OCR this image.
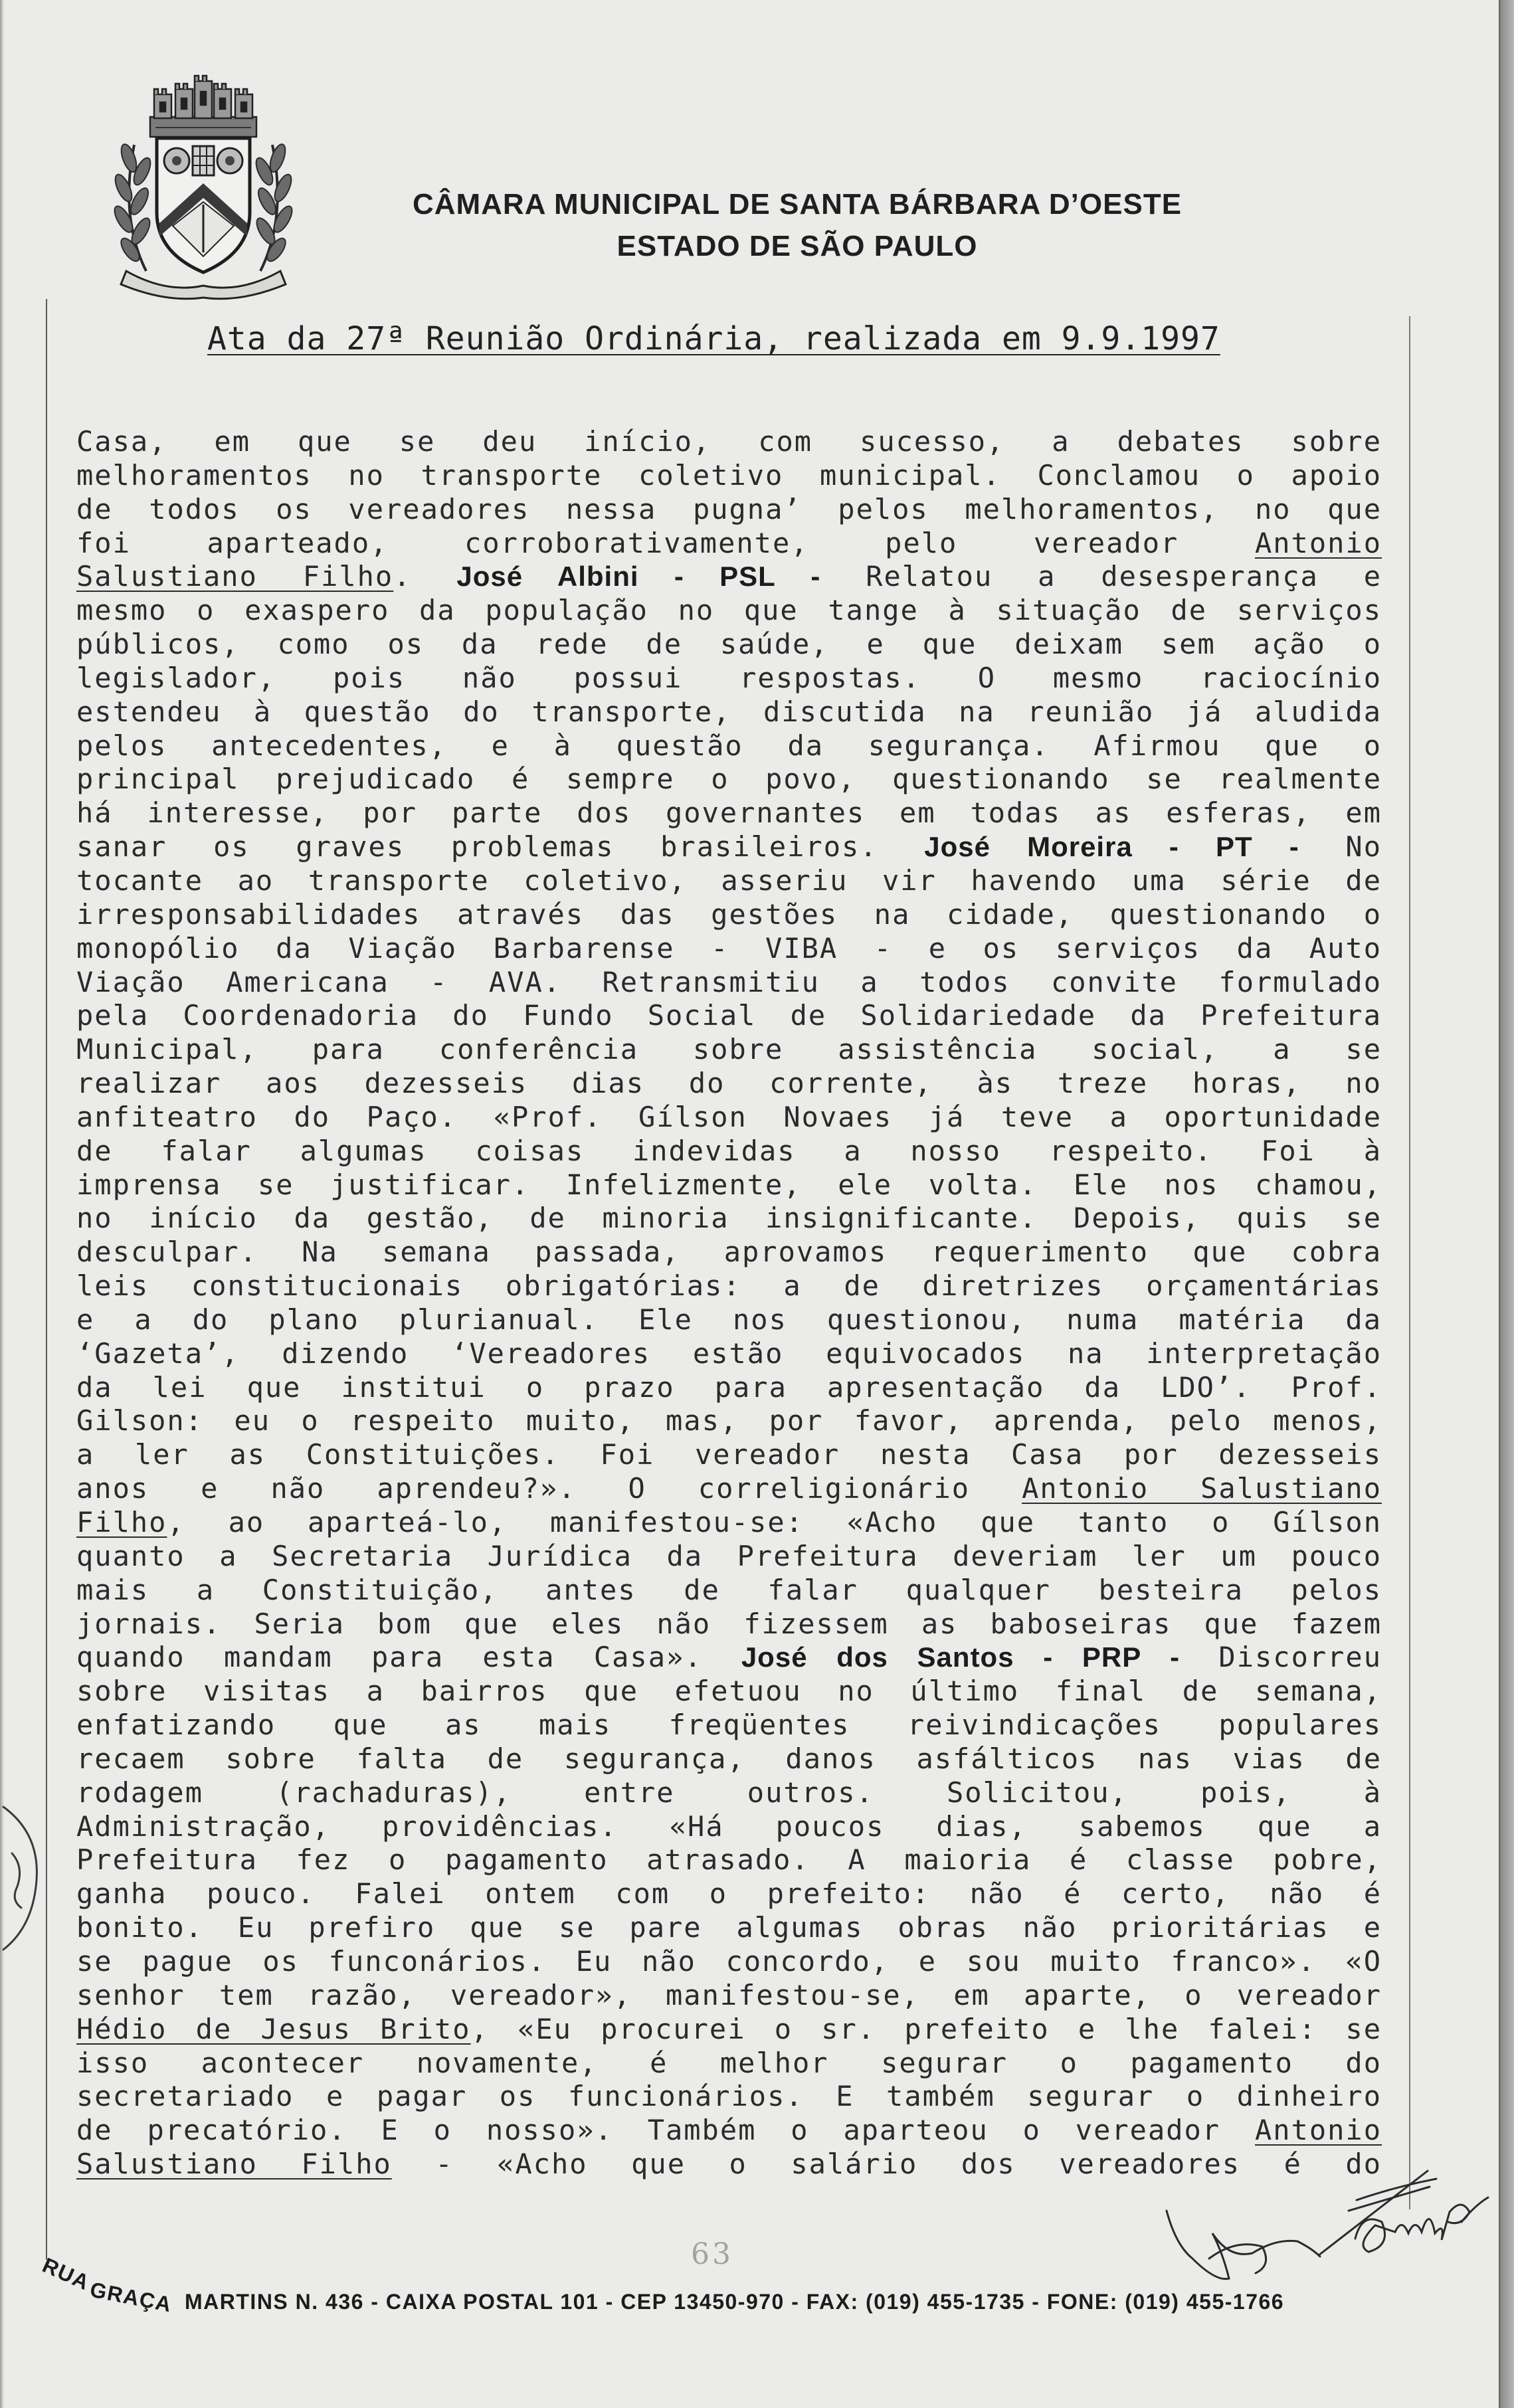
CÂMARA MUNICIPAL DE SANTA BÁRBARA D’OESTE
ESTADO DE SÃO PAULO
Ata da 27ª Reunião Ordinária, realizada em 9.9.1997
Casa, em que se deu início, com sucesso, a debates sobre
melhoramentos no transporte coletivo municipal. Conclamou o apoio
de todos os vereadores nessa pugna’ pelos melhoramentos, no que
foi aparteado, corroborativamente, pelo vereador Antonio
Salustiano Filho. José Albini - PSL - Relatou a desesperança e
mesmo o exaspero da população no que tange à situação de serviços
públicos, como os da rede de saúde, e que deixam sem ação o
legislador, pois não possui respostas. O mesmo raciocínio
estendeu à questão do transporte, discutida na reunião já aludida
pelos antecedentes, e à questão da segurança. Afirmou que o
principal prejudicado é sempre o povo, questionando se realmente
há interesse, por parte dos governantes em todas as esferas, em
sanar os graves problemas brasileiros. José Moreira - PT - No
tocante ao transporte coletivo, asseriu vir havendo uma série de
irresponsabilidades através das gestões na cidade, questionando o
monopólio da Viação Barbarense - VIBA - e os serviços da Auto
Viação Americana - AVA. Retransmitiu a todos convite formulado
pela Coordenadoria do Fundo Social de Solidariedade da Prefeitura
Municipal, para conferência sobre assistência social, a se
realizar aos dezesseis dias do corrente, às treze horas, no
anfiteatro do Paço. «Prof. Gílson Novaes já teve a oportunidade
de falar algumas coisas indevidas a nosso respeito. Foi à
imprensa se justificar. Infelizmente, ele volta. Ele nos chamou,
no início da gestão, de minoria insignificante. Depois, quis se
desculpar. Na semana passada, aprovamos requerimento que cobra
leis constitucionais obrigatórias: a de diretrizes orçamentárias
e a do plano plurianual. Ele nos questionou, numa matéria da
‘Gazeta’, dizendo ‘Vereadores estão equivocados na interpretação
da lei que institui o prazo para apresentação da LDO’. Prof.
Gilson: eu o respeito muito, mas, por favor, aprenda, pelo menos,
a ler as Constituições. Foi vereador nesta Casa por dezesseis
anos e não aprendeu?». O correligionário Antonio Salustiano
Filho, ao aparteá-lo, manifestou-se: «Acho que tanto o Gílson
quanto a Secretaria Jurídica da Prefeitura deveriam ler um pouco
mais a Constituição, antes de falar qualquer besteira pelos
jornais. Seria bom que eles não fizessem as baboseiras que fazem
quando mandam para esta Casa». José dos Santos - PRP - Discorreu
sobre visitas a bairros que efetuou no último final de semana,
enfatizando que as mais freqüentes reivindicações populares
recaem sobre falta de segurança, danos asfálticos nas vias de
rodagem (rachaduras), entre outros. Solicitou, pois, à
Administração, providências. «Há poucos dias, sabemos que a
Prefeitura fez o pagamento atrasado. A maioria é classe pobre,
ganha pouco. Falei ontem com o prefeito: não é certo, não é
bonito. Eu prefiro que se pare algumas obras não prioritárias e
se pague os funconários. Eu não concordo, e sou muito franco». «O
senhor tem razão, vereador», manifestou-se, em aparte, o vereador
Hédio de Jesus Brito, «Eu procurei o sr. prefeito e lhe falei: se
isso acontecer novamente, é melhor segurar o pagamento do
secretariado e pagar os funcionários. E também segurar o dinheiro
de precatório. E o nosso». Também o aparteou o vereador Antonio
Salustiano Filho - «Acho que o salário dos vereadores é do
63
RUA
GRAÇA MARTINS N. 436 - CAIXA POSTAL 101 - CEP 13450-970 - FAX: (019) 455-1735 - FONE: (019) 455-1766
